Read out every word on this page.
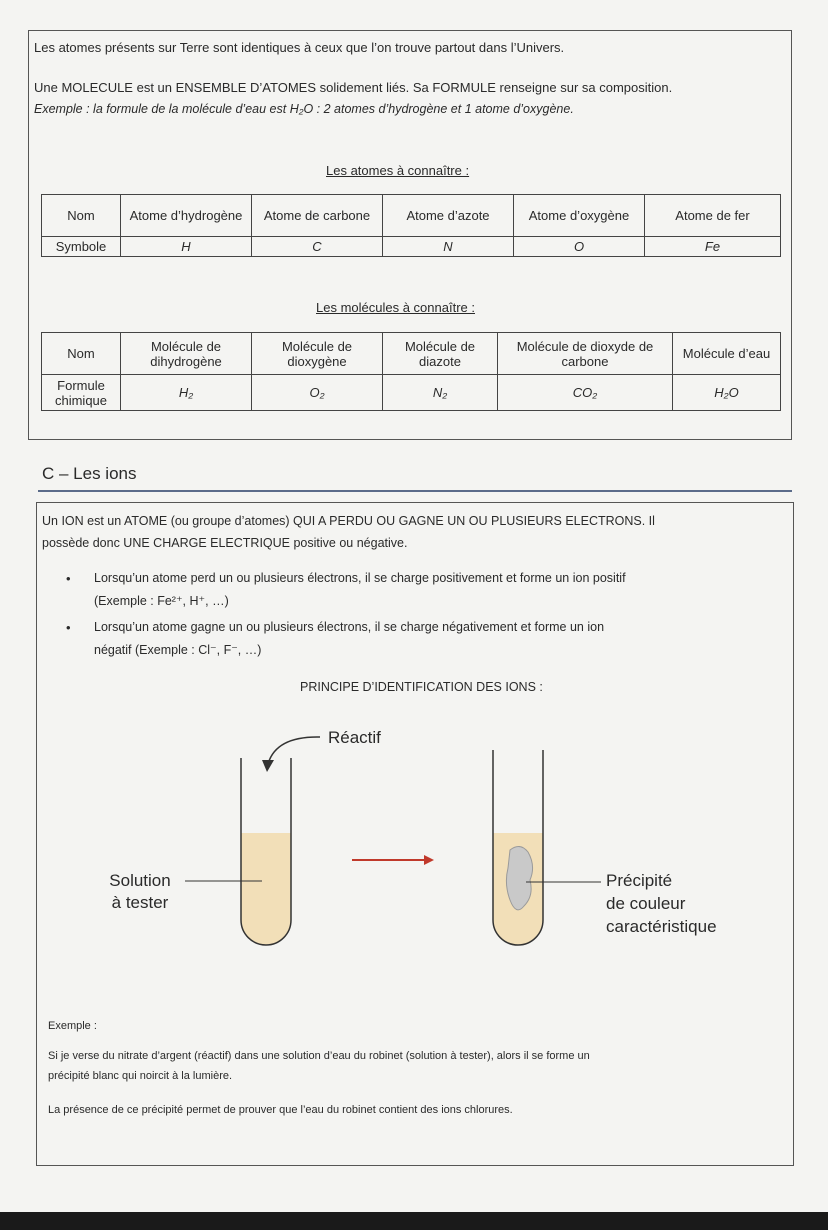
Les atomes présents sur Terre sont identiques à ceux que l’on trouve partout dans l’Univers.
Une MOLECULE est un ENSEMBLE D’ATOMES solidement liés. Sa FORMULE renseigne sur sa composition.
Exemple : la formule de la molécule d’eau est H₂O : 2 atomes d’hydrogène et 1 atome d’oxygène.
Les atomes à connaître :
Nom	Atome d’hydrogène	Atome de carbone	Atome d’azote	Atome d’oxygène	Atome de fer
Symbole	H	C	N	O	Fe
Les molécules à connaître :
Nom	Molécule de dihydrogène	Molécule de dioxygène	Molécule de diazote	Molécule de dioxyde de carbone	Molécule d’eau
Formule chimique	H₂	O₂	N₂	CO₂	H₂O
C – Les ions
Un ION est un ATOME (ou groupe d’atomes) QUI A PERDU OU GAGNE UN OU PLUSIEURS ELECTRONS. Il
possède donc UNE CHARGE ELECTRIQUE positive ou négative.
• Lorsqu’un atome perd un ou plusieurs électrons, il se charge positivement et forme un ion positif
(Exemple : Fe²⁺, H⁺, …)
• Lorsqu’un atome gagne un ou plusieurs électrons, il se charge négativement et forme un ion
négatif (Exemple : Cl⁻, F⁻, …)
PRINCIPE D’IDENTIFICATION DES IONS :
Réactif
Solution
à tester
Précipité
de couleur
caractéristique
Exemple :
Si je verse du nitrate d’argent (réactif) dans une solution d’eau du robinet (solution à tester), alors il se forme un
précipité blanc qui noircit à la lumière.
La présence de ce précipité permet de prouver que l’eau du robinet contient des ions chlorures.
